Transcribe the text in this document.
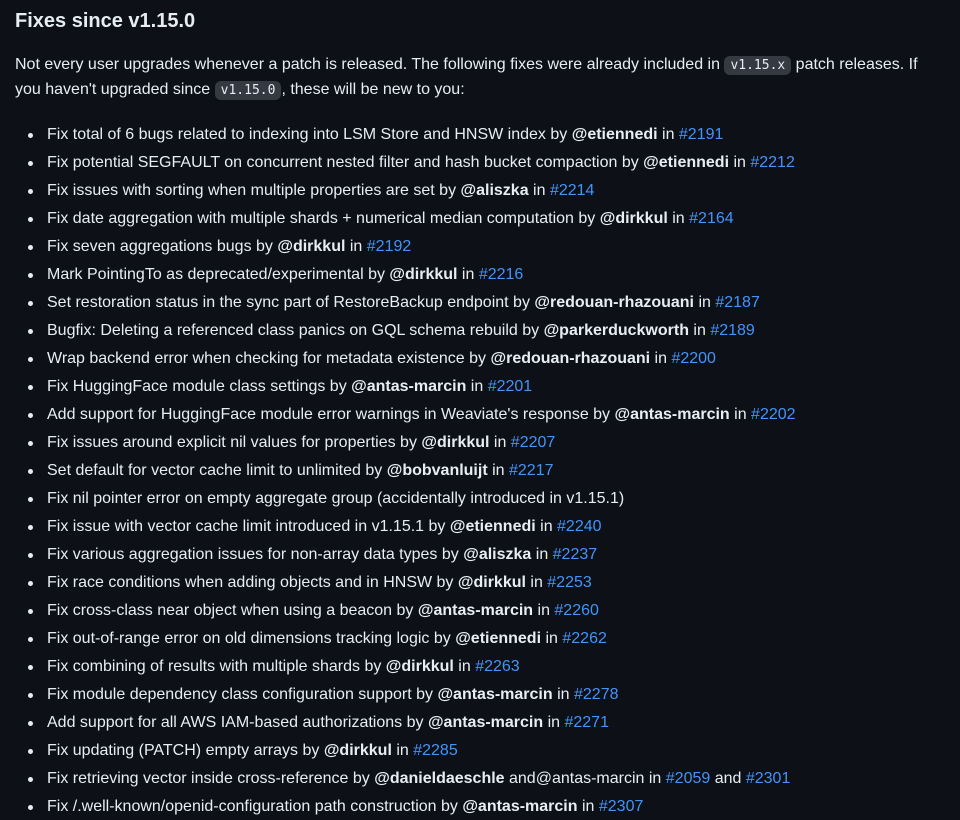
Fixes since v1.15.0

Not every user upgrades whenever a patch is released. The following fixes were already included in v1.15.x patch releases. If you haven't upgraded since v1.15.0 , these will be new to you:

Fix total of 6 bugs related to indexing into LSM Store and HNSW index by @etiennedi in #2191
Fix potential SEGFAULT on concurrent nested filter and hash bucket compaction by @etiennedi in #2212
Fix issues with sorting when multiple properties are set by @aliszka in #2214
Fix date aggregation with multiple shards + numerical median computation by @dirkkul in #2164
Fix seven aggregations bugs by @dirkkul in #2192
Mark PointingTo as deprecated/experimental by @dirkkul in #2216
Set restoration status in the sync part of RestoreBackup endpoint by @redouan-rhazouani in #2187
Bugfix: Deleting a referenced class panics on GQL schema rebuild by @parkerduckworth in #2189
Wrap backend error when checking for metadata existence by @redouan-rhazouani in #2200
Fix HuggingFace module class settings by @antas-marcin in #2201
Add support for HuggingFace module error warnings in Weaviate's response by @antas-marcin in #2202
Fix issues around explicit nil values for properties by @dirkkul in #2207
Set default for vector cache limit to unlimited by @bobvanluijt in #2217
Fix nil pointer error on empty aggregate group (accidentally introduced in v1.15.1)
Fix issue with vector cache limit introduced in v1.15.1 by @etiennedi in #2240
Fix various aggregation issues for non-array data types by @aliszka in #2237
Fix race conditions when adding objects and in HNSW by @dirkkul in #2253
Fix cross-class near object when using a beacon by @antas-marcin in #2260
Fix out-of-range error on old dimensions tracking logic by @etiennedi in #2262
Fix combining of results with multiple shards by @dirkkul in #2263
Fix module dependency class configuration support by @antas-marcin in #2278
Add support for all AWS IAM-based authorizations by @antas-marcin in #2271
Fix updating (PATCH) empty arrays by @dirkkul in #2285
Fix retrieving vector inside cross-reference by @danieldaeschle and@antas-marcin in #2059 and #2301
Fix /.well-known/openid-configuration path construction by @antas-marcin in #2307
